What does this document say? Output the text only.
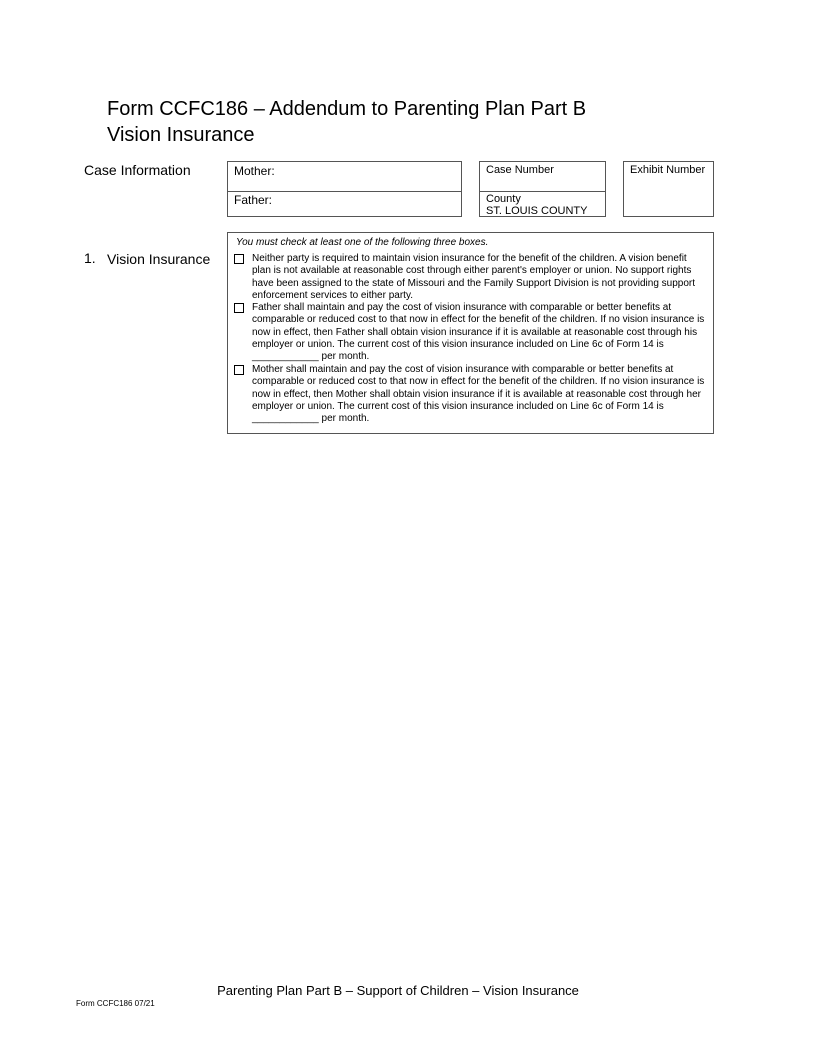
Form CCFC186 – Addendum to Parenting Plan Part B
Vision Insurance
Case Information	Mother:
Father:
Case Number
County
ST. LOUIS COUNTY
Exhibit Number
1. Vision Insurance
You must check at least one of the following three boxes.
Neither party is required to maintain vision insurance for the benefit of the children. A vision benefit plan is not available at reasonable cost through either parent's employer or union. No support rights have been assigned to the state of Missouri and the Family Support Division is not providing support enforcement services to either party.
Father shall maintain and pay the cost of vision insurance with comparable or better benefits at comparable or reduced cost to that now in effect for the benefit of the children. If no vision insurance is now in effect, then Father shall obtain vision insurance if it is available at reasonable cost through his employer or union. The current cost of this vision insurance included on Line 6c of Form 14 is ____________ per month.
Mother shall maintain and pay the cost of vision insurance with comparable or better benefits at comparable or reduced cost to that now in effect for the benefit of the children. If no vision insurance is now in effect, then Mother shall obtain vision insurance if it is available at reasonable cost through her employer or union. The current cost of this vision insurance included on Line 6c of Form 14 is ____________ per month.
Parenting Plan Part B – Support of Children – Vision Insurance
Form CCFC186 07/21
